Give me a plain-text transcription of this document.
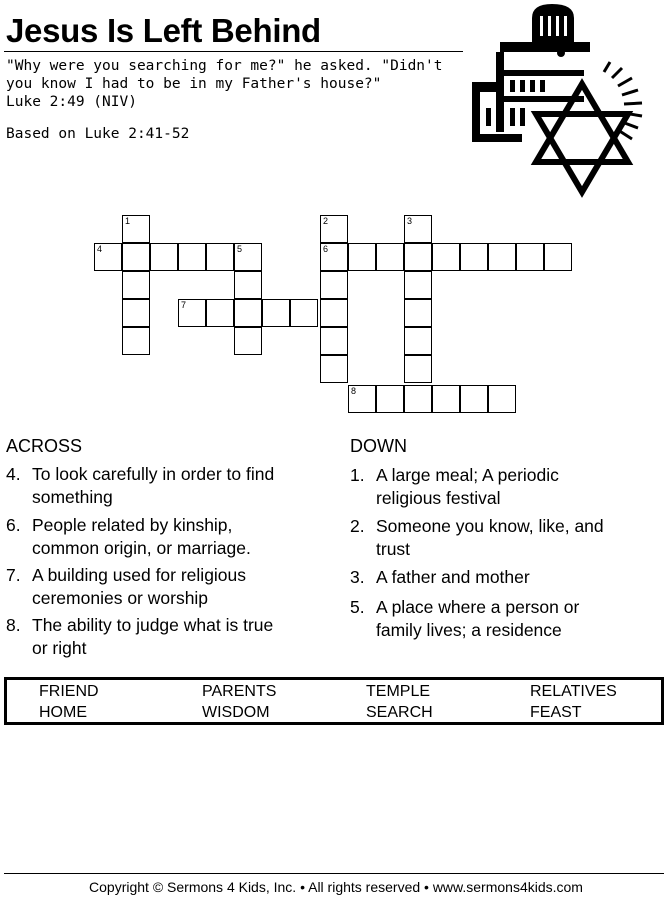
Jesus Is Left Behind
"Why were you searching for me?" he asked. "Didn't
you know I had to be in my Father's house?"
Luke 2:49 (NIV)
Based on Luke 2:41-52
1
4	5
7
2
6
3
8
ACROSS	DOWN
4. To look carefully in order to find
something
6. People related by kinship,
common origin, or marriage.
7. A building used for religious
ceremonies or worship
8. The ability to judge what is true
or right
1. A large meal; A periodic
religious festival
2. Someone you know, like, and
trust
3. A father and mother
5. A place where a person or
family lives; a residence
FRIEND	PARENTS	TEMPLE	RELATIVES
HOME	WISDOM	SEARCH	FEAST
Copyright © Sermons 4 Kids, Inc. • All rights reserved • www.sermons4kids.com
